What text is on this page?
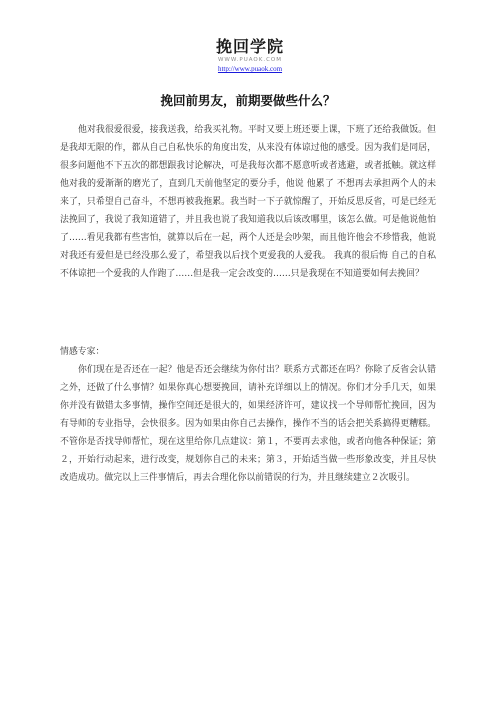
挽回学院
WWW.PUAOK.COM
http://www.puaok.com
挽回前男友，前期要做些什么？

他对我很爱很爱，接我送我，给我买礼物。平时又要上班还要上课，下班了还给我做饭。但是我却无限的作，都从自己自私快乐的角度出发，从来没有体谅过他的感受。因为我们是同居，很多问题他不下五次的都想跟我讨论解决，可是我每次都不愿意听或者逃避，或者抵触。就这样他对我的爱渐渐的磨光了，直到几天前他坚定的要分手，他说 他累了 不想再去承担两个人的未来了，只希望自己奋斗，不想再被我拖累。我当时一下子就惊醒了，开始反思反省，可是已经无法挽回了，我说了我知道错了，并且我也说了我知道我以后该改哪里，该怎么做。可是他说他怕了……看见我都有些害怕，就算以后在一起，两个人还是会吵架，而且他许他会不珍惜我，他说对我还有爱但是已经没那么爱了，希望我以后找个更爱我的人爱我。 我真的很后悔 自己的自私不体谅把一个爱我的人作跑了……但是我一定会改变的……只是我现在不知道要如何去挽回？

情感专家：

你们现在是否还在一起？他是否还会继续为你付出？联系方式都还在吗？你除了反省会认错之外，还做了什么事情？如果你真心想要挽回，请补充详细以上的情况。你们才分手几天，如果你并没有做错太多事情，操作空间还是很大的，如果经济许可，建议找一个导师帮忙挽回，因为有导师的专业指导，会快很多。因为如果由你自己去操作，操作不当的话会把关系搞得更糟糕。不管你是否找导师帮忙，现在这里给你几点建议：第１，不要再去求他，或者向他各种保证；第２，开始行动起来，进行改变，规划你自己的未来；第３，开始适当做一些形象改变，并且尽快改造成功。做完以上三件事情后，再去合理化你以前错误的行为，并且继续建立２次吸引。
